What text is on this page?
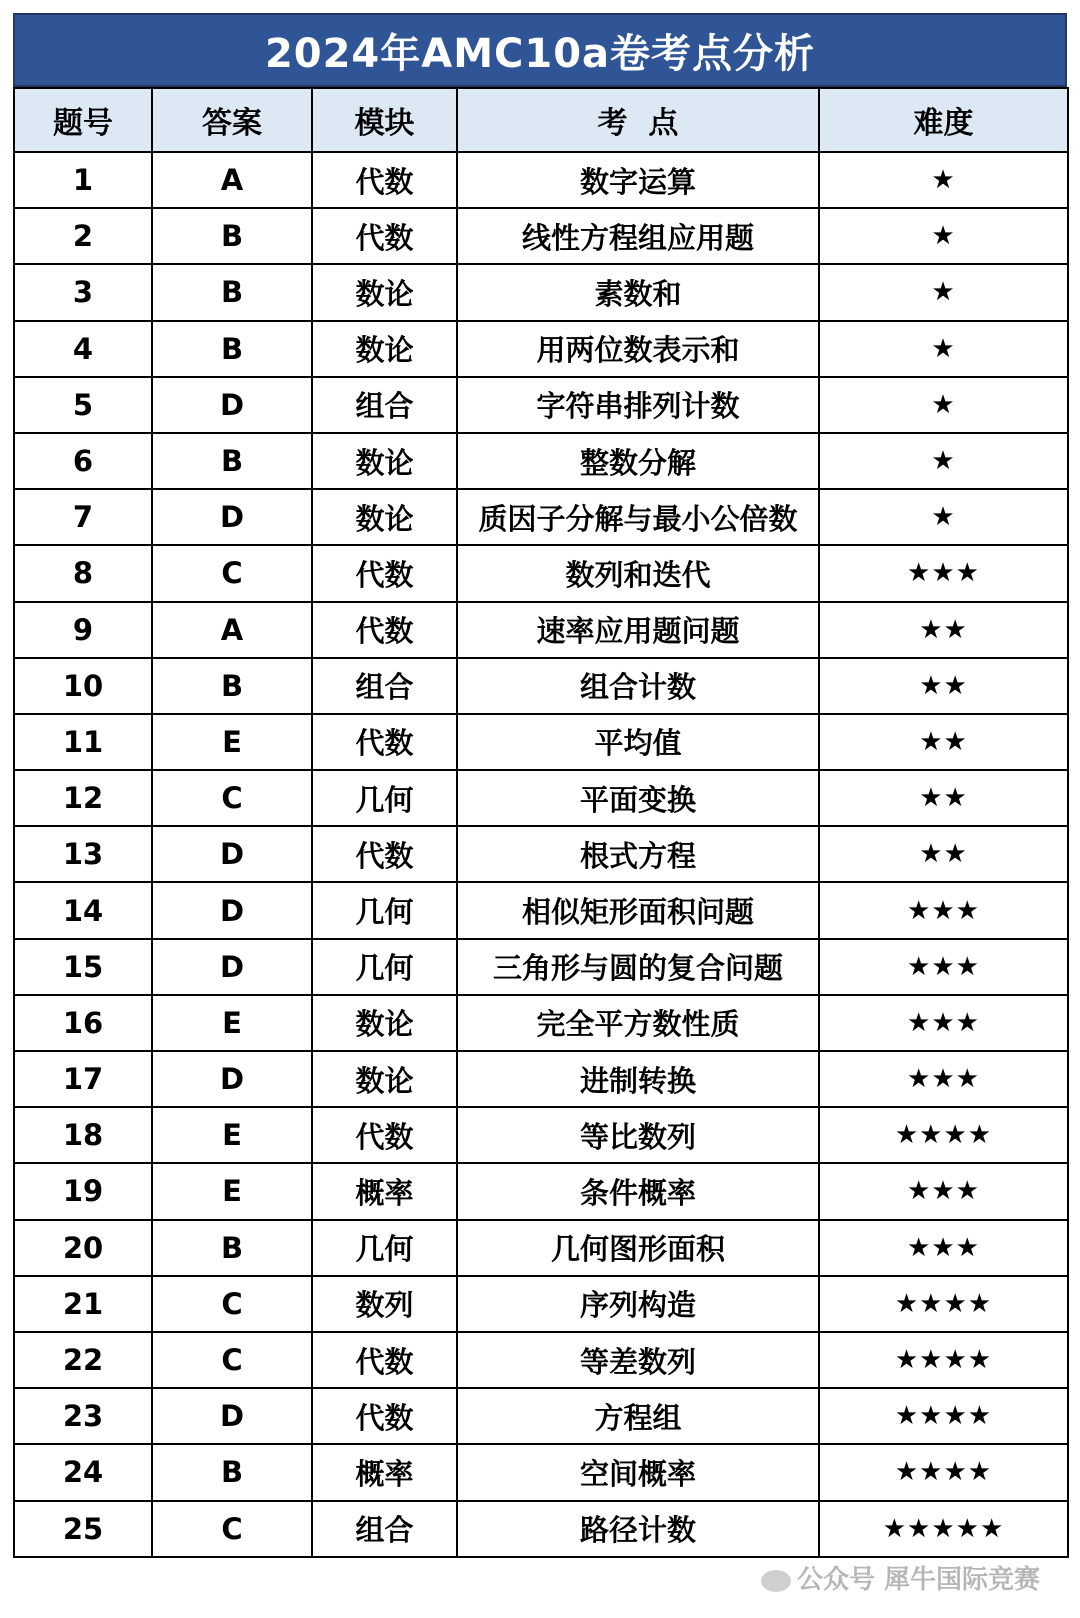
2024年AMC10a卷考点分析
题号	答案	模块	考  点	难度
1	A	代数	数字运算	★
2	B	代数	线性方程组应用题	★
3	B	数论	素数和	★
4	B	数论	用两位数表示和	★
5	D	组合	字符串排列计数	★
6	B	数论	整数分解	★
7	D	数论	质因子分解与最小公倍数	★
8	C	代数	数列和迭代	★★★
9	A	代数	速率应用题问题	★★
10	B	组合	组合计数	★★
11	E	代数	平均值	★★
12	C	几何	平面变换	★★
13	D	代数	根式方程	★★
14	D	几何	相似矩形面积问题	★★★
15	D	几何	三角形与圆的复合问题	★★★
16	E	数论	完全平方数性质	★★★
17	D	数论	进制转换	★★★
18	E	代数	等比数列	★★★★
19	E	概率	条件概率	★★★
20	B	几何	几何图形面积	★★★
21	C	数列	序列构造	★★★★
22	C	代数	等差数列	★★★★
23	D	代数	方程组	★★★★
24	B	概率	空间概率	★★★★
25	C	组合	路径计数	★★★★★
公众号 犀牛国际竞赛
